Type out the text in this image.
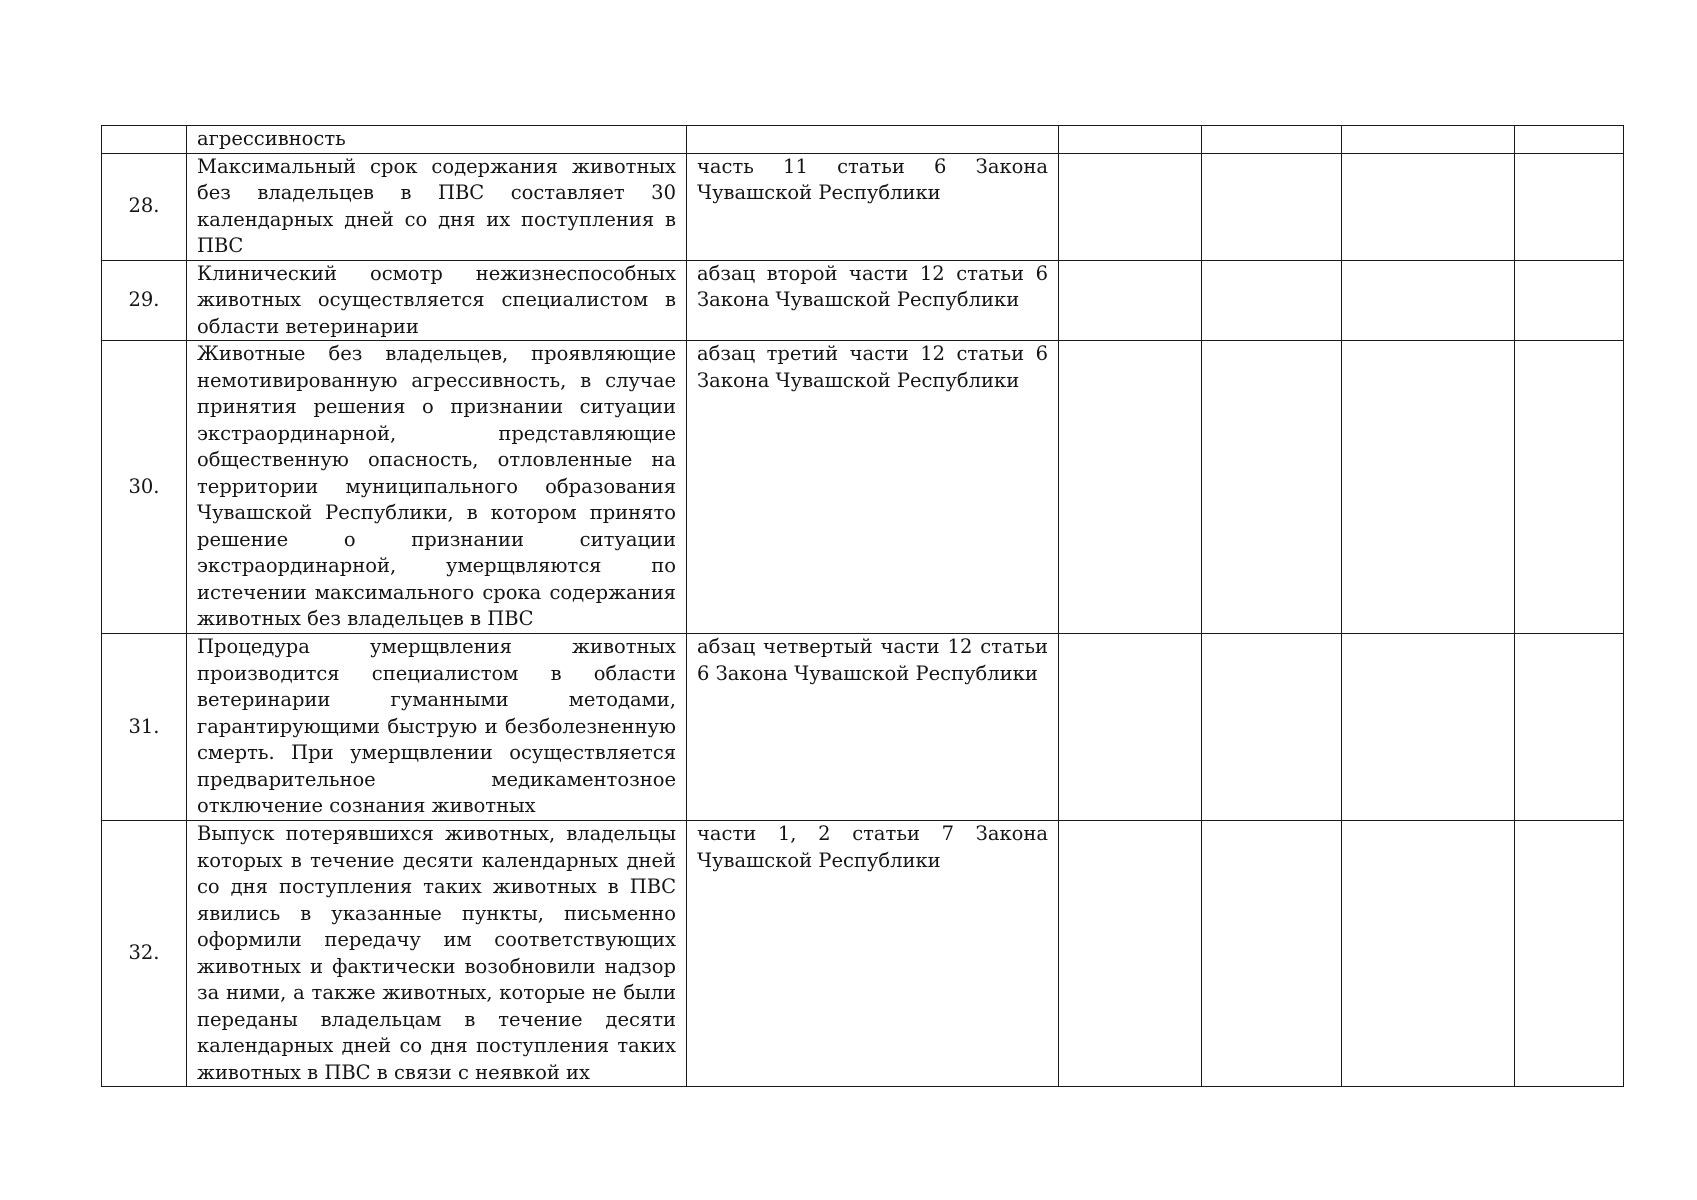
	агрессивность					
28.	Максимальный срок содержания животных без владельцев в ПВС составляет 30 календарных дней со дня их поступления в ПВС	часть 11 статьи 6 Закона Чувашской Республики				
29.	Клинический осмотр нежизнеспособных животных осуществляется специалистом в области ветеринарии	абзац второй части 12 статьи 6 Закона Чувашской Республики				
30.	Животные без владельцев, проявляющие немотивированную агрессивность, в случае принятия решения о признании ситуации экстраординарной, представляющие общественную опасность, отловленные на территории муниципального образования Чувашской Республики, в котором принято решение о признании ситуации экстраординарной, умерщвляются по истечении максимального срока содержания животных без владельцев в ПВС	абзац третий части 12 статьи 6 Закона Чувашской Республики				
31.	Процедура умерщвления животных производится специалистом в области ветеринарии гуманными методами, гарантирующими быструю и безболезненную смерть. При умерщвлении осуществляется предварительное медикаментозное отключение сознания животных	абзац четвертый части 12 статьи 6 Закона Чувашской Республики				
32.	Выпуск потерявшихся животных, владельцы которых в течение десяти календарных дней со дня поступления таких животных в ПВС явились в указанные пункты, письменно оформили передачу им соответствующих животных и фактически возобновили надзор за ними, а также животных, которые не были переданы владельцам в течение десяти календарных дней со дня поступления таких животных в ПВС в связи с неявкой их	части 1, 2 статьи 7 Закона Чувашской Республики				
